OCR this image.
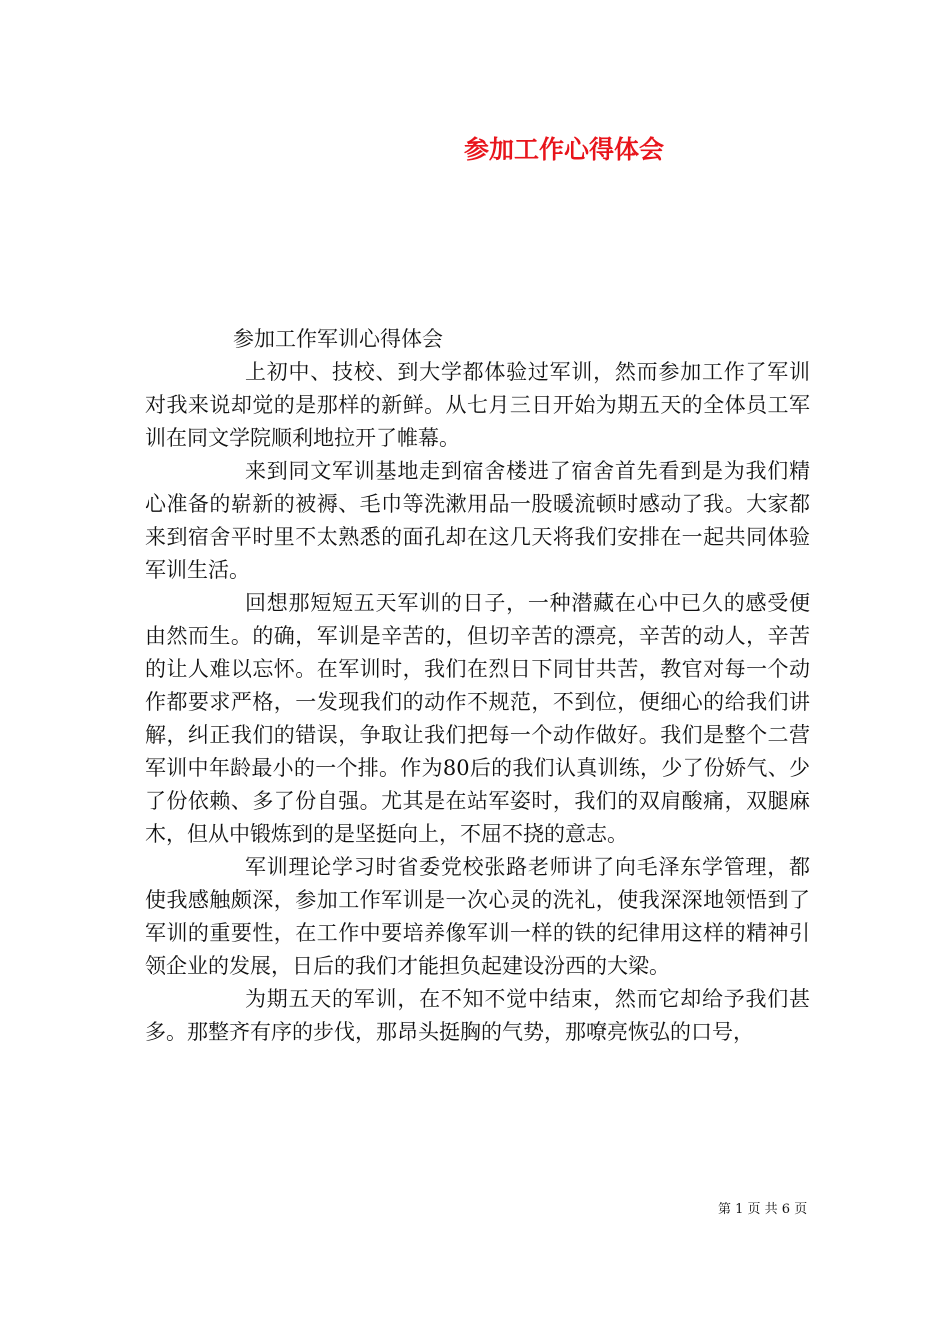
参加工作心得体会

参加工作军训心得体会

上初中、技校、到大学都体验过军训，然而参加工作了军训对我来说却觉的是那样的新鲜。从七月三日开始为期五天的全体员工军训在同文学院顺利地拉开了帷幕。

来到同文军训基地走到宿舍楼进了宿舍首先看到是为我们精心准备的崭新的被褥、毛巾等洗漱用品一股暖流顿时感动了我。大家都来到宿舍平时里不太熟悉的面孔却在这几天将我们安排在一起共同体验军训生活。

回想那短短五天军训的日子，一种潜藏在心中已久的感受便由然而生。的确，军训是辛苦的，但切辛苦的漂亮，辛苦的动人，辛苦的让人难以忘怀。在军训时，我们在烈日下同甘共苦，教官对每一个动作都要求严格，一发现我们的动作不规范，不到位，便细心的给我们讲解，纠正我们的错误，争取让我们把每一个动作做好。我们是整个二营军训中年龄最小的一个排。作为80后的我们认真训练，少了份娇气、少了份依赖、多了份自强。尤其是在站军姿时，我们的双肩酸痛，双腿麻木，但从中锻炼到的是坚挺向上，不屈不挠的意志。

军训理论学习时省委党校张路老师讲了向毛泽东学管理，都使我感触颇深，参加工作军训是一次心灵的洗礼，使我深深地领悟到了军训的重要性，在工作中要培养像军训一样的铁的纪律用这样的精神引领企业的发展，日后的我们才能担负起建设汾西的大梁。

为期五天的军训，在不知不觉中结束，然而它却给予我们甚多。那整齐有序的步伐，那昂头挺胸的气势，那嘹亮恢弘的口号，

第 1 页 共 6 页
